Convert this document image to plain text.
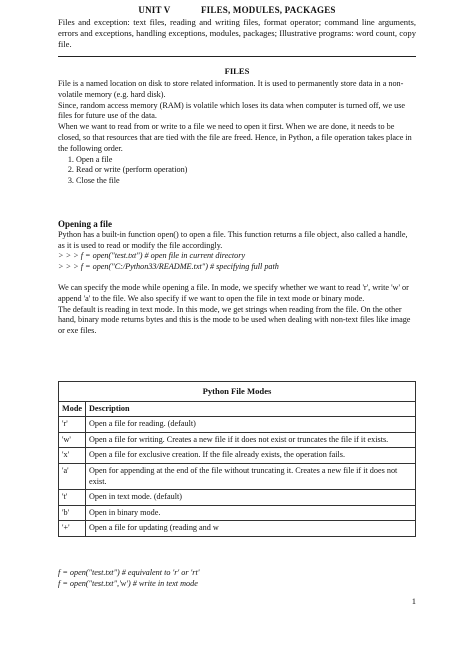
UNIT V	FILES, MODULES, PACKAGES
Files and exception: text files, reading and writing files, format operator; command line arguments, errors and exceptions, handling exceptions, modules, packages; Illustrative programs: word count, copy file.
FILES

File is a named location on disk to store related information. It is used to permanently store data in a non-volatile memory (e.g. hard disk).

Since, random access memory (RAM) is volatile which loses its data when computer is turned off, we use files for future use of the data.

When we want to read from or write to a file we need to open it first. When we are done, it needs to be closed, so that resources that are tied with the file are freed. Hence, in Python, a file operation takes place in the following order.

1. Open a file
2. Read or write (perform operation)
3. Close the file

Opening a file

Python has a built-in function open() to open a file. This function returns a file object, also called a handle, as it is used to read or modify the file accordingly.

> > > f = open("test.txt") # open file in current directory

> > > f = open("C:/Python33/README.txt") # specifying full path

We can specify the mode while opening a file. In mode, we specify whether we want to read 'r', write 'w' or append 'a' to the file. We also specify if we want to open the file in text mode or binary mode.

The default is reading in text mode. In this mode, we get strings when reading from the file. On the other hand, binary mode returns bytes and this is the mode to be used when dealing with non-text files like image or exe files.

Python File Modes	
Mode	Description
'r'	Open a file for reading. (default)
'w'	Open a file for writing. Creates a new file if it does not exist or truncates the file if it exists.
'x'	Open a file for exclusive creation. If the file already exists, the operation fails.
'a'	Open for appending at the end of the file without truncating it. Creates a new file if it does not exist.
't'	Open in text mode. (default)
'b'	Open in binary mode.
'+'	Open a file for updating (reading and w
f = open("test.txt") # equivalent to 'r' or 'rt'
f = open("test.txt",'w') # write in text mode
1
